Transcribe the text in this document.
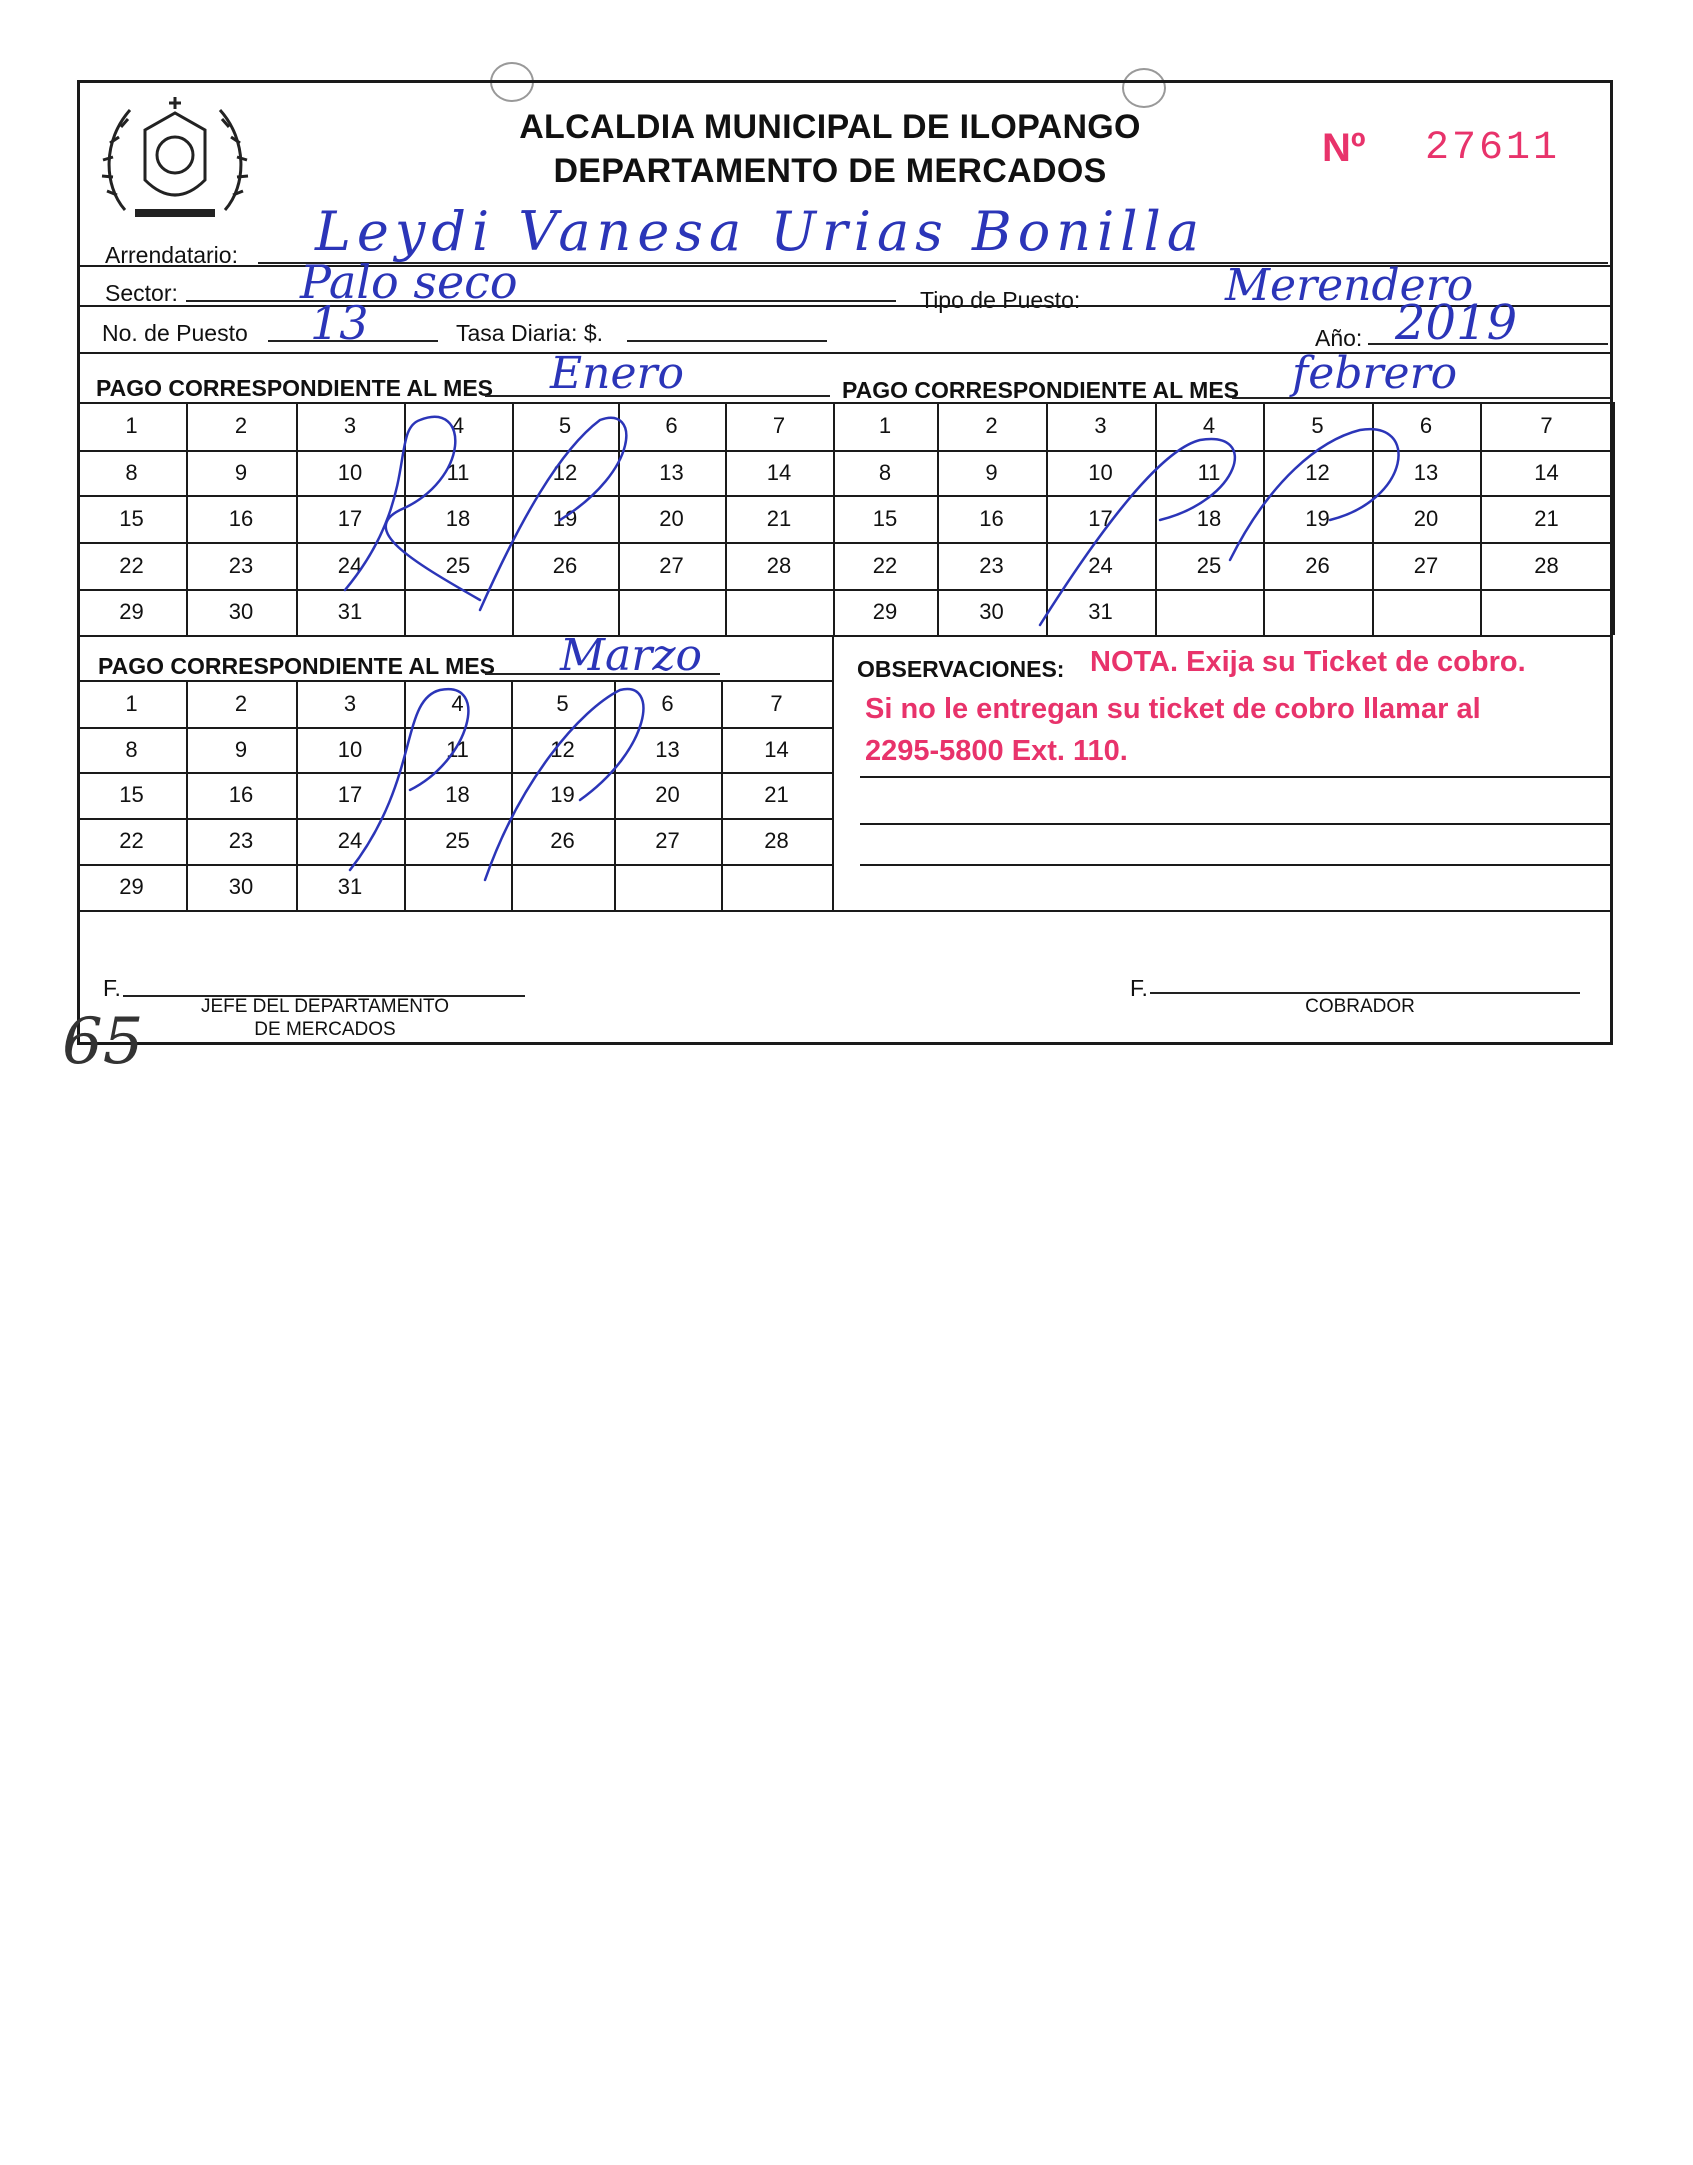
ALCALDIA MUNICIPAL DE ILOPANGO
DEPARTAMENTO DE MERCADOS
Nº 27611
Arrendatario: Leydi Vanesa Urias Bonilla
Sector:	Palo seco	Tipo de Puesto:	Merendero
No. de Puesto 13	Tasa Diaria: $.	Año: 2019
PAGO CORRESPONDIENTE AL MES Enero	PAGO CORRESPONDIENTE AL MES febrero
1	2	3	4	5	6	7
8	9	10	11	12	13	14
15	16	17	18	19	20	21
22	23	24	25	26	27	28
29	30	31
1	2	3	4	5	6	7
8	9	10	11	12	13	14
15	16	17	18	19	20	21
22	23	24	25	26	27	28
29	30	31
1	2	3	4	5	6	7
8	9	10	11	12	13	14
15	16	17	18	19	20	21
22	23	24	25	26	27	28
29	30	31
PAGO CORRESPONDIENTE AL MES Marzo	OBSERVACIONES: NOTA. Exija su Ticket de cobro.
Si no le entregan su ticket de cobro llamar al
2295-5800 Ext. 110.
F.
JEFE DEL DEPARTAMENTO
DE MERCADOS
F.
COBRADOR
65
